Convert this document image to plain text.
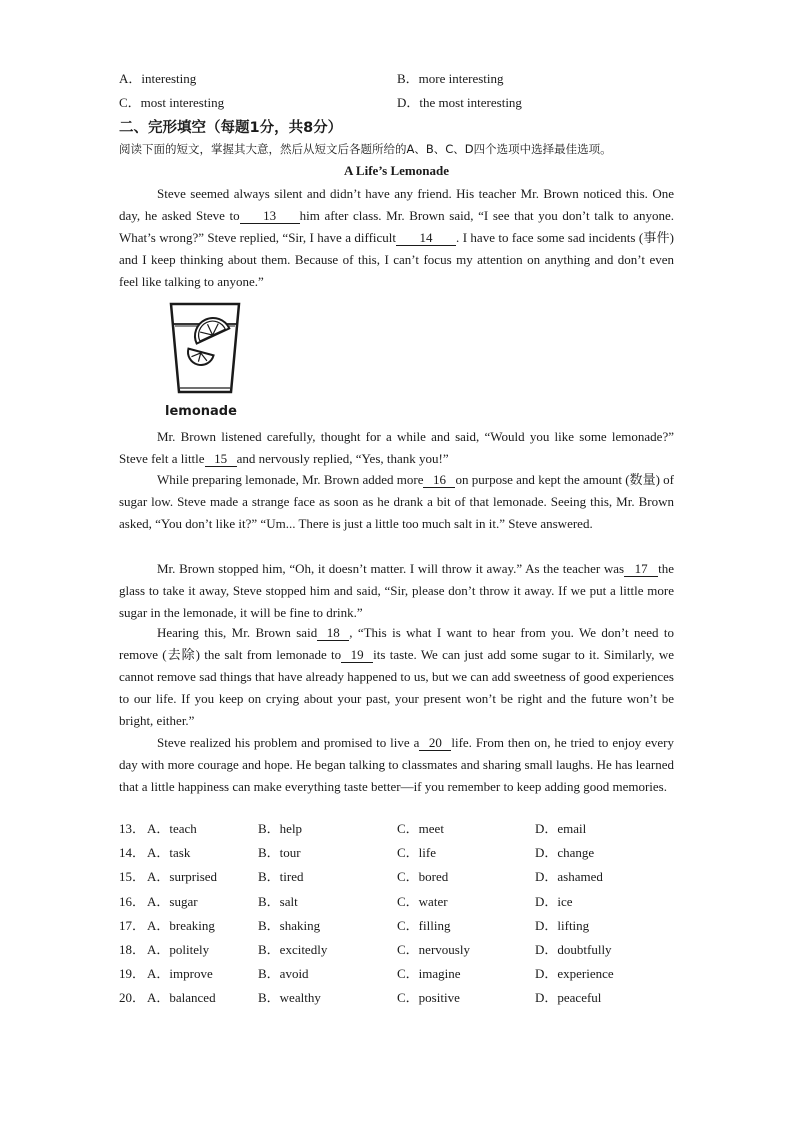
A．interesting	B．more interesting
C．most interesting	D．the most interesting
二、完形填空（每题1分，共8分）
阅读下面的短文，掌握其大意，然后从短文后各题所给的A、B、C、D四个选项中选择最佳选项。
A Life’s Lemonade
Steve seemed always silent and didn’t have any friend. His teacher Mr. Brown noticed this. One day, he asked Steve to 13 him after class. Mr. Brown said, “I see that you don’t talk to anyone. What’s wrong?” Steve replied, “Sir, I have a difficult 14 . I have to face some sad incidents (事件) and I keep thinking about them. Because of this, I can’t focus my attention on anything and don’t even feel like talking to anyone.”
lemonade
Mr. Brown listened carefully, thought for a while and said, “Would you like some lemonade?” Steve felt a little 15 and nervously replied, “Yes, thank you!”
While preparing lemonade, Mr. Brown added more 16 on purpose and kept the amount (数量) of sugar low. Steve made a strange face as soon as he drank a bit of that lemonade. Seeing this, Mr. Brown asked, “You don’t like it?” “Um... There is just a little too much salt in it.” Steve answered.
Mr. Brown stopped him, “Oh, it doesn’t matter. I will throw it away.” As the teacher was 17 the glass to take it away, Steve stopped him and said, “Sir, please don’t throw it away. If we put a little more sugar in the lemonade, it will be fine to drink.”
Hearing this, Mr. Brown said 18 , “This is what I want to hear from you. We don’t need to remove (去除) the salt from lemonade to 19 its taste. We can just add some sugar to it. Similarly, we cannot remove sad things that have already happened to us, but we can add sweetness of good experiences to our life. If you keep on crying about your past, your present won’t be right and the future won’t be bright, either.”
Steve realized his problem and promised to live a 20 life. From then on, he tried to enjoy every day with more courage and hope. He began talking to classmates and sharing small laughs. He has learned that a little happiness can make everything taste better—if you remember to keep adding good memories.
13． A．teach	B．help	C．meet	D．email
14． A．task	B．tour	C．life	D．change
15． A．surprised	B．tired	C．bored	D．ashamed
16． A．sugar	B．salt	C．water	D．ice
17． A．breaking	B．shaking	C．filling	D．lifting
18． A．politely	B．excitedly	C．nervously	D．doubtfully
19． A．improve	B．avoid	C．imagine	D．experience
20． A．balanced	B．wealthy	C．positive	D．peaceful
